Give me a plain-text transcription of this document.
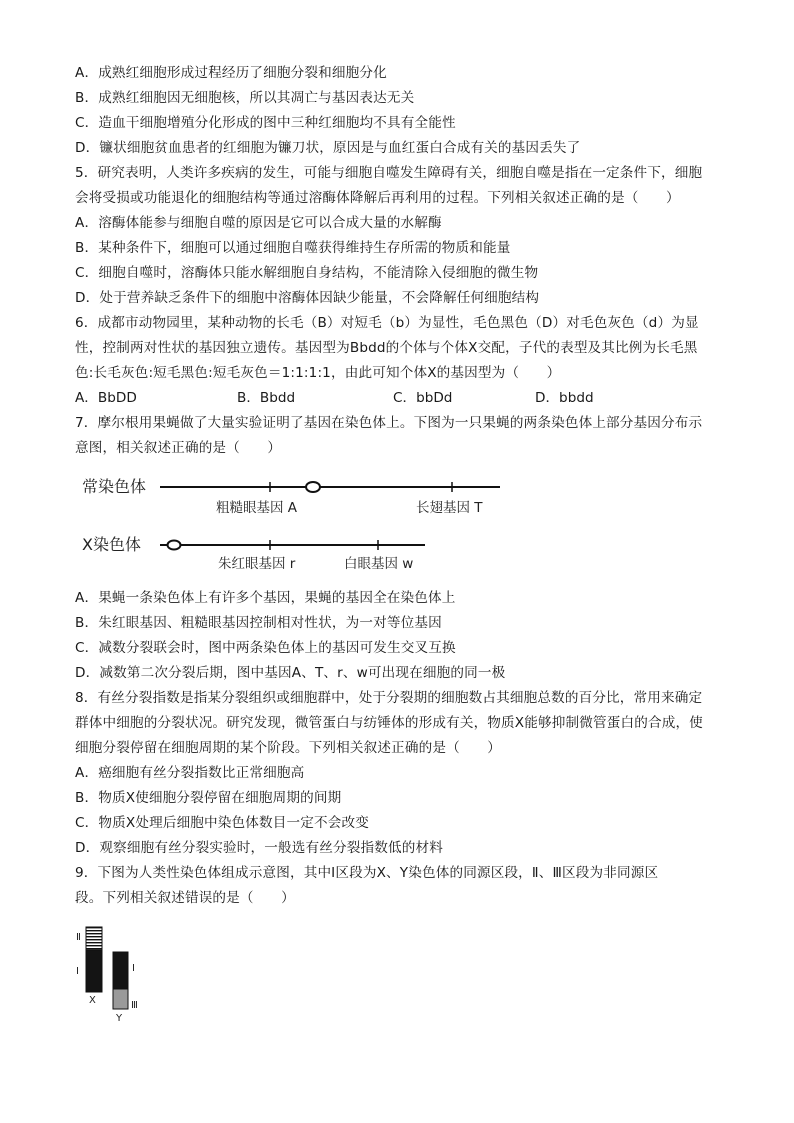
A．成熟红细胞形成过程经历了细胞分裂和细胞分化
B．成熟红细胞因无细胞核，所以其凋亡与基因表达无关
C．造血干细胞增殖分化形成的图中三种红细胞均不具有全能性
D．镰状细胞贫血患者的红细胞为镰刀状，原因是与血红蛋白合成有关的基因丢失了
5．研究表明，人类许多疾病的发生，可能与细胞自噬发生障碍有关，细胞自噬是指在一定条件下，细胞
会将受损或功能退化的细胞结构等通过溶酶体降解后再利用的过程。下列相关叙述正确的是（　　）
A．溶酶体能参与细胞自噬的原因是它可以合成大量的水解酶
B．某种条件下，细胞可以通过细胞自噬获得维持生存所需的物质和能量
C．细胞自噬时，溶酶体只能水解细胞自身结构，不能清除入侵细胞的微生物
D．处于营养缺乏条件下的细胞中溶酶体因缺少能量，不会降解任何细胞结构
6．成都市动物园里，某种动物的长毛（B）对短毛（b）为显性，毛色黑色（D）对毛色灰色（d）为显
性，控制两对性状的基因独立遗传。基因型为Bbdd的个体与个体X交配，子代的表型及其比例为长毛黑
色:长毛灰色:短毛黑色:短毛灰色＝1:1:1:1，由此可知个体X的基因型为（　　）
A．BbDD	B．Bbdd	C．bbDd	D．bbdd
7．摩尔根用果蝇做了大量实验证明了基因在染色体上。下图为一只果蝇的两条染色体上部分基因分布示
意图，相关叙述正确的是（　　）
常染色体
粗糙眼基因 A	长翅基因 T
X染色体
朱红眼基因 r	白眼基因 w
A．果蝇一条染色体上有许多个基因，果蝇的基因全在染色体上
B．朱红眼基因、粗糙眼基因控制相对性状，为一对等位基因
C．减数分裂联会时，图中两条染色体上的基因可发生交叉互换
D．减数第二次分裂后期，图中基因A、T、r、w可出现在细胞的同一极
8．有丝分裂指数是指某分裂组织或细胞群中，处于分裂期的细胞数占其细胞总数的百分比，常用来确定
群体中细胞的分裂状况。研究发现，微管蛋白与纺锤体的形成有关，物质X能够抑制微管蛋白的合成，使
细胞分裂停留在细胞周期的某个阶段。下列相关叙述正确的是（　　）
A．癌细胞有丝分裂指数比正常细胞高
B．物质X使细胞分裂停留在细胞周期的间期
C．物质X处理后细胞中染色体数目一定不会改变
D．观察细胞有丝分裂实验时，一般选有丝分裂指数低的材料
9．下图为人类性染色体组成示意图，其中Ⅰ区段为X、Y染色体的同源区段，Ⅱ、Ⅲ区段为非同源区
段。下列相关叙述错误的是（　　）
Ⅱ
Ⅰ	Ⅰ
Ⅲ
X
Y
